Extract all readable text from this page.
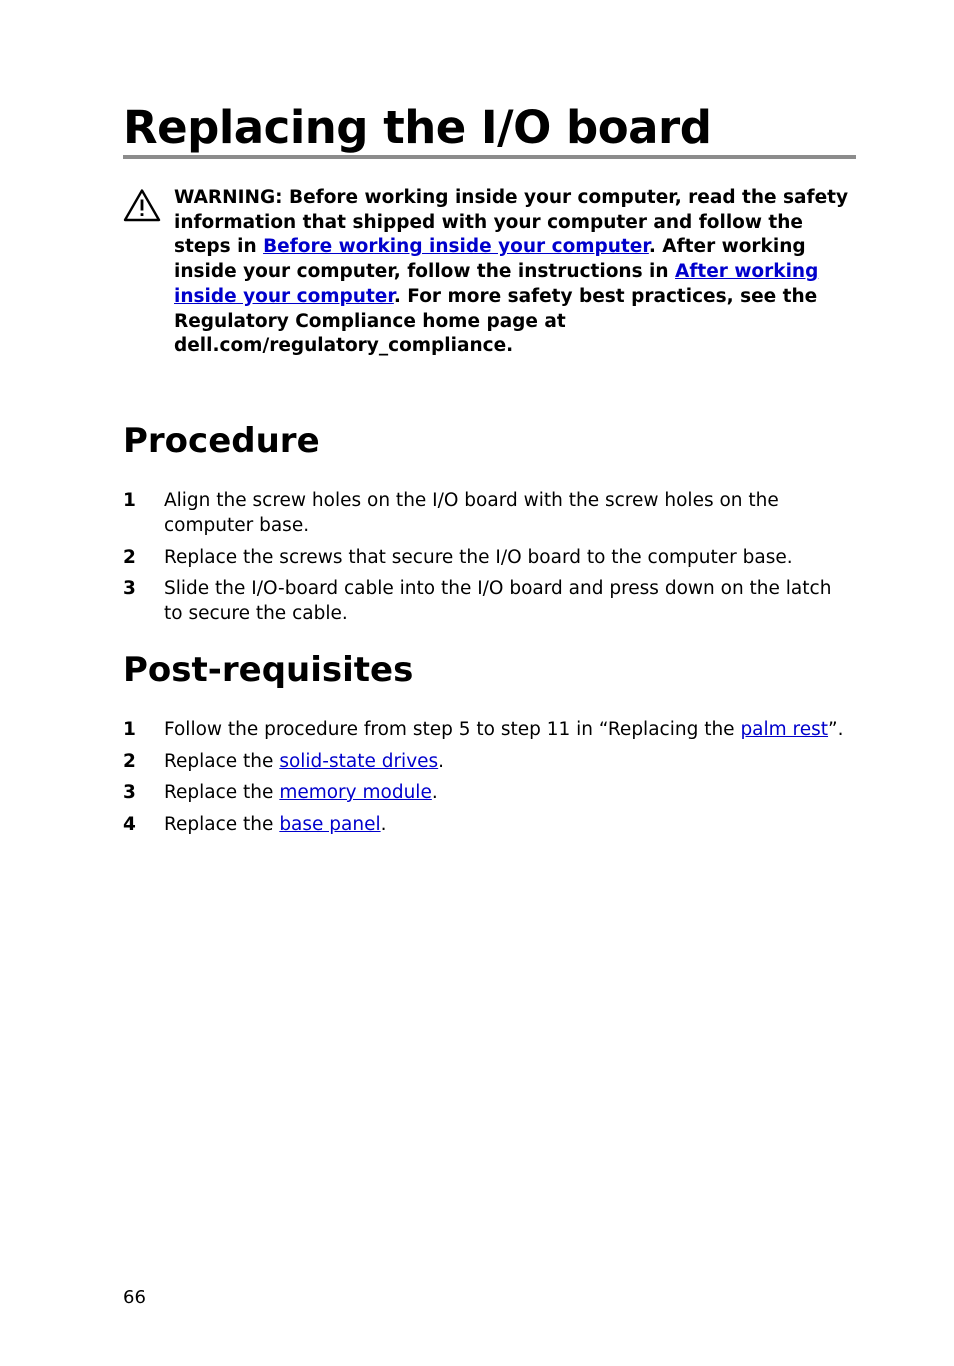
Replacing the I/O board

WARNING: Before working inside your computer, read the safety information that shipped with your computer and follow the steps in Before working inside your computer. After working inside your computer, follow the instructions in After working inside your computer. For more safety best practices, see the Regulatory Compliance home page at dell.com/regulatory_compliance.

Procedure
1 Align the screw holes on the I/O board with the screw holes on the computer base.
2 Replace the screws that secure the I/O board to the computer base.
3 Slide the I/O-board cable into the I/O board and press down on the latch to secure the cable.
Post-requisites
1 Follow the procedure from step 5 to step 11 in “Replacing the palm rest”.
2 Replace the solid-state drives.
3 Replace the memory module.
4 Replace the base panel.
66
